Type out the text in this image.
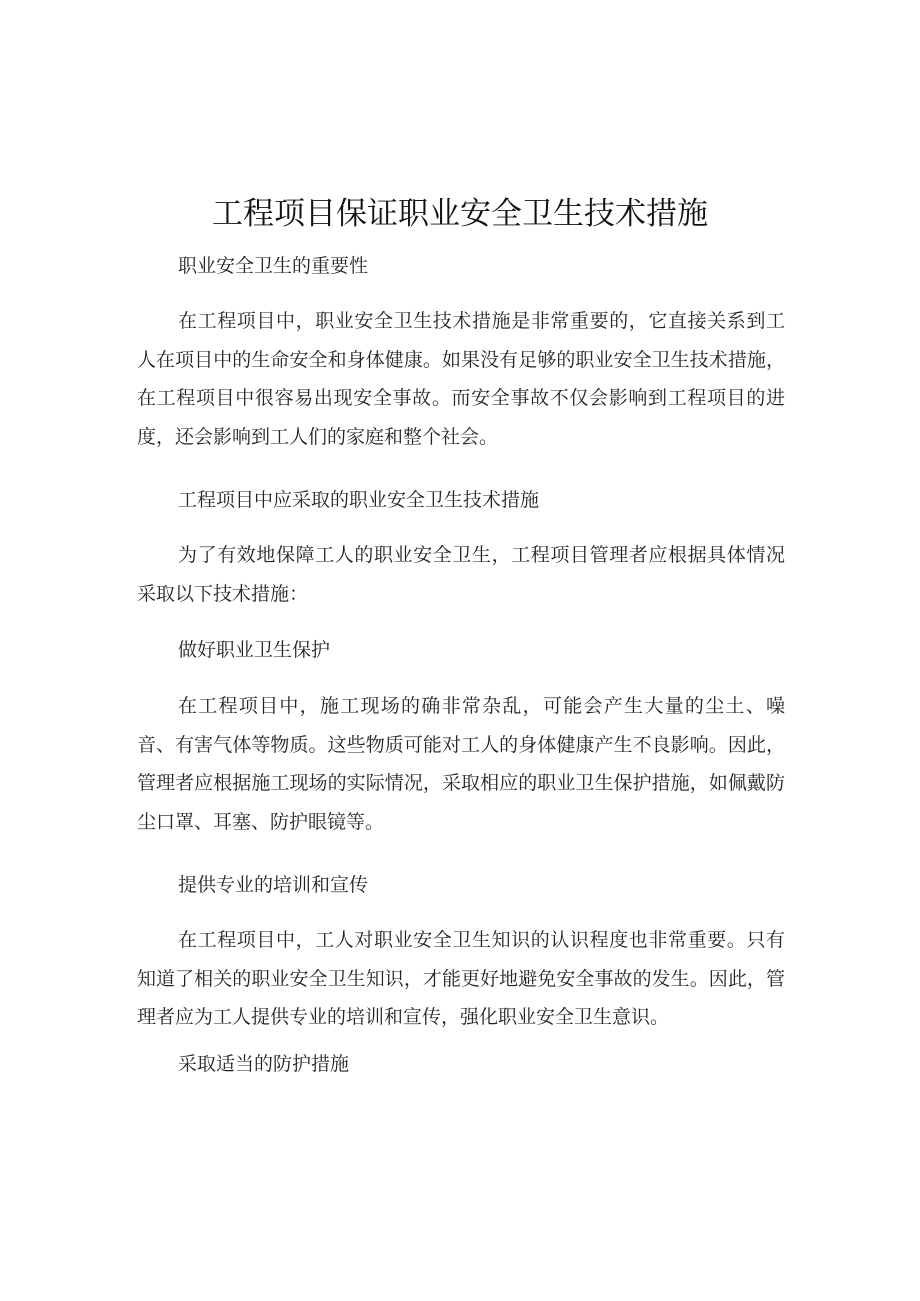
工程项目保证职业安全卫生技术措施
职业安全卫生的重要性

在工程项目中，职业安全卫生技术措施是非常重要的，它直接关系到工人在项目中的生命安全和身体健康。如果没有足够的职业安全卫生技术措施，在工程项目中很容易出现安全事故。而安全事故不仅会影响到工程项目的进度，还会影响到工人们的家庭和整个社会。

工程项目中应采取的职业安全卫生技术措施

为了有效地保障工人的职业安全卫生，工程项目管理者应根据具体情况采取以下技术措施：

做好职业卫生保护

在工程项目中，施工现场的确非常杂乱，可能会产生大量的尘土、噪音、有害气体等物质。这些物质可能对工人的身体健康产生不良影响。因此，管理者应根据施工现场的实际情况，采取相应的职业卫生保护措施，如佩戴防尘口罩、耳塞、防护眼镜等。

提供专业的培训和宣传

在工程项目中，工人对职业安全卫生知识的认识程度也非常重要。只有知道了相关的职业安全卫生知识，才能更好地避免安全事故的发生。因此，管理者应为工人提供专业的培训和宣传，强化职业安全卫生意识。

采取适当的防护措施
